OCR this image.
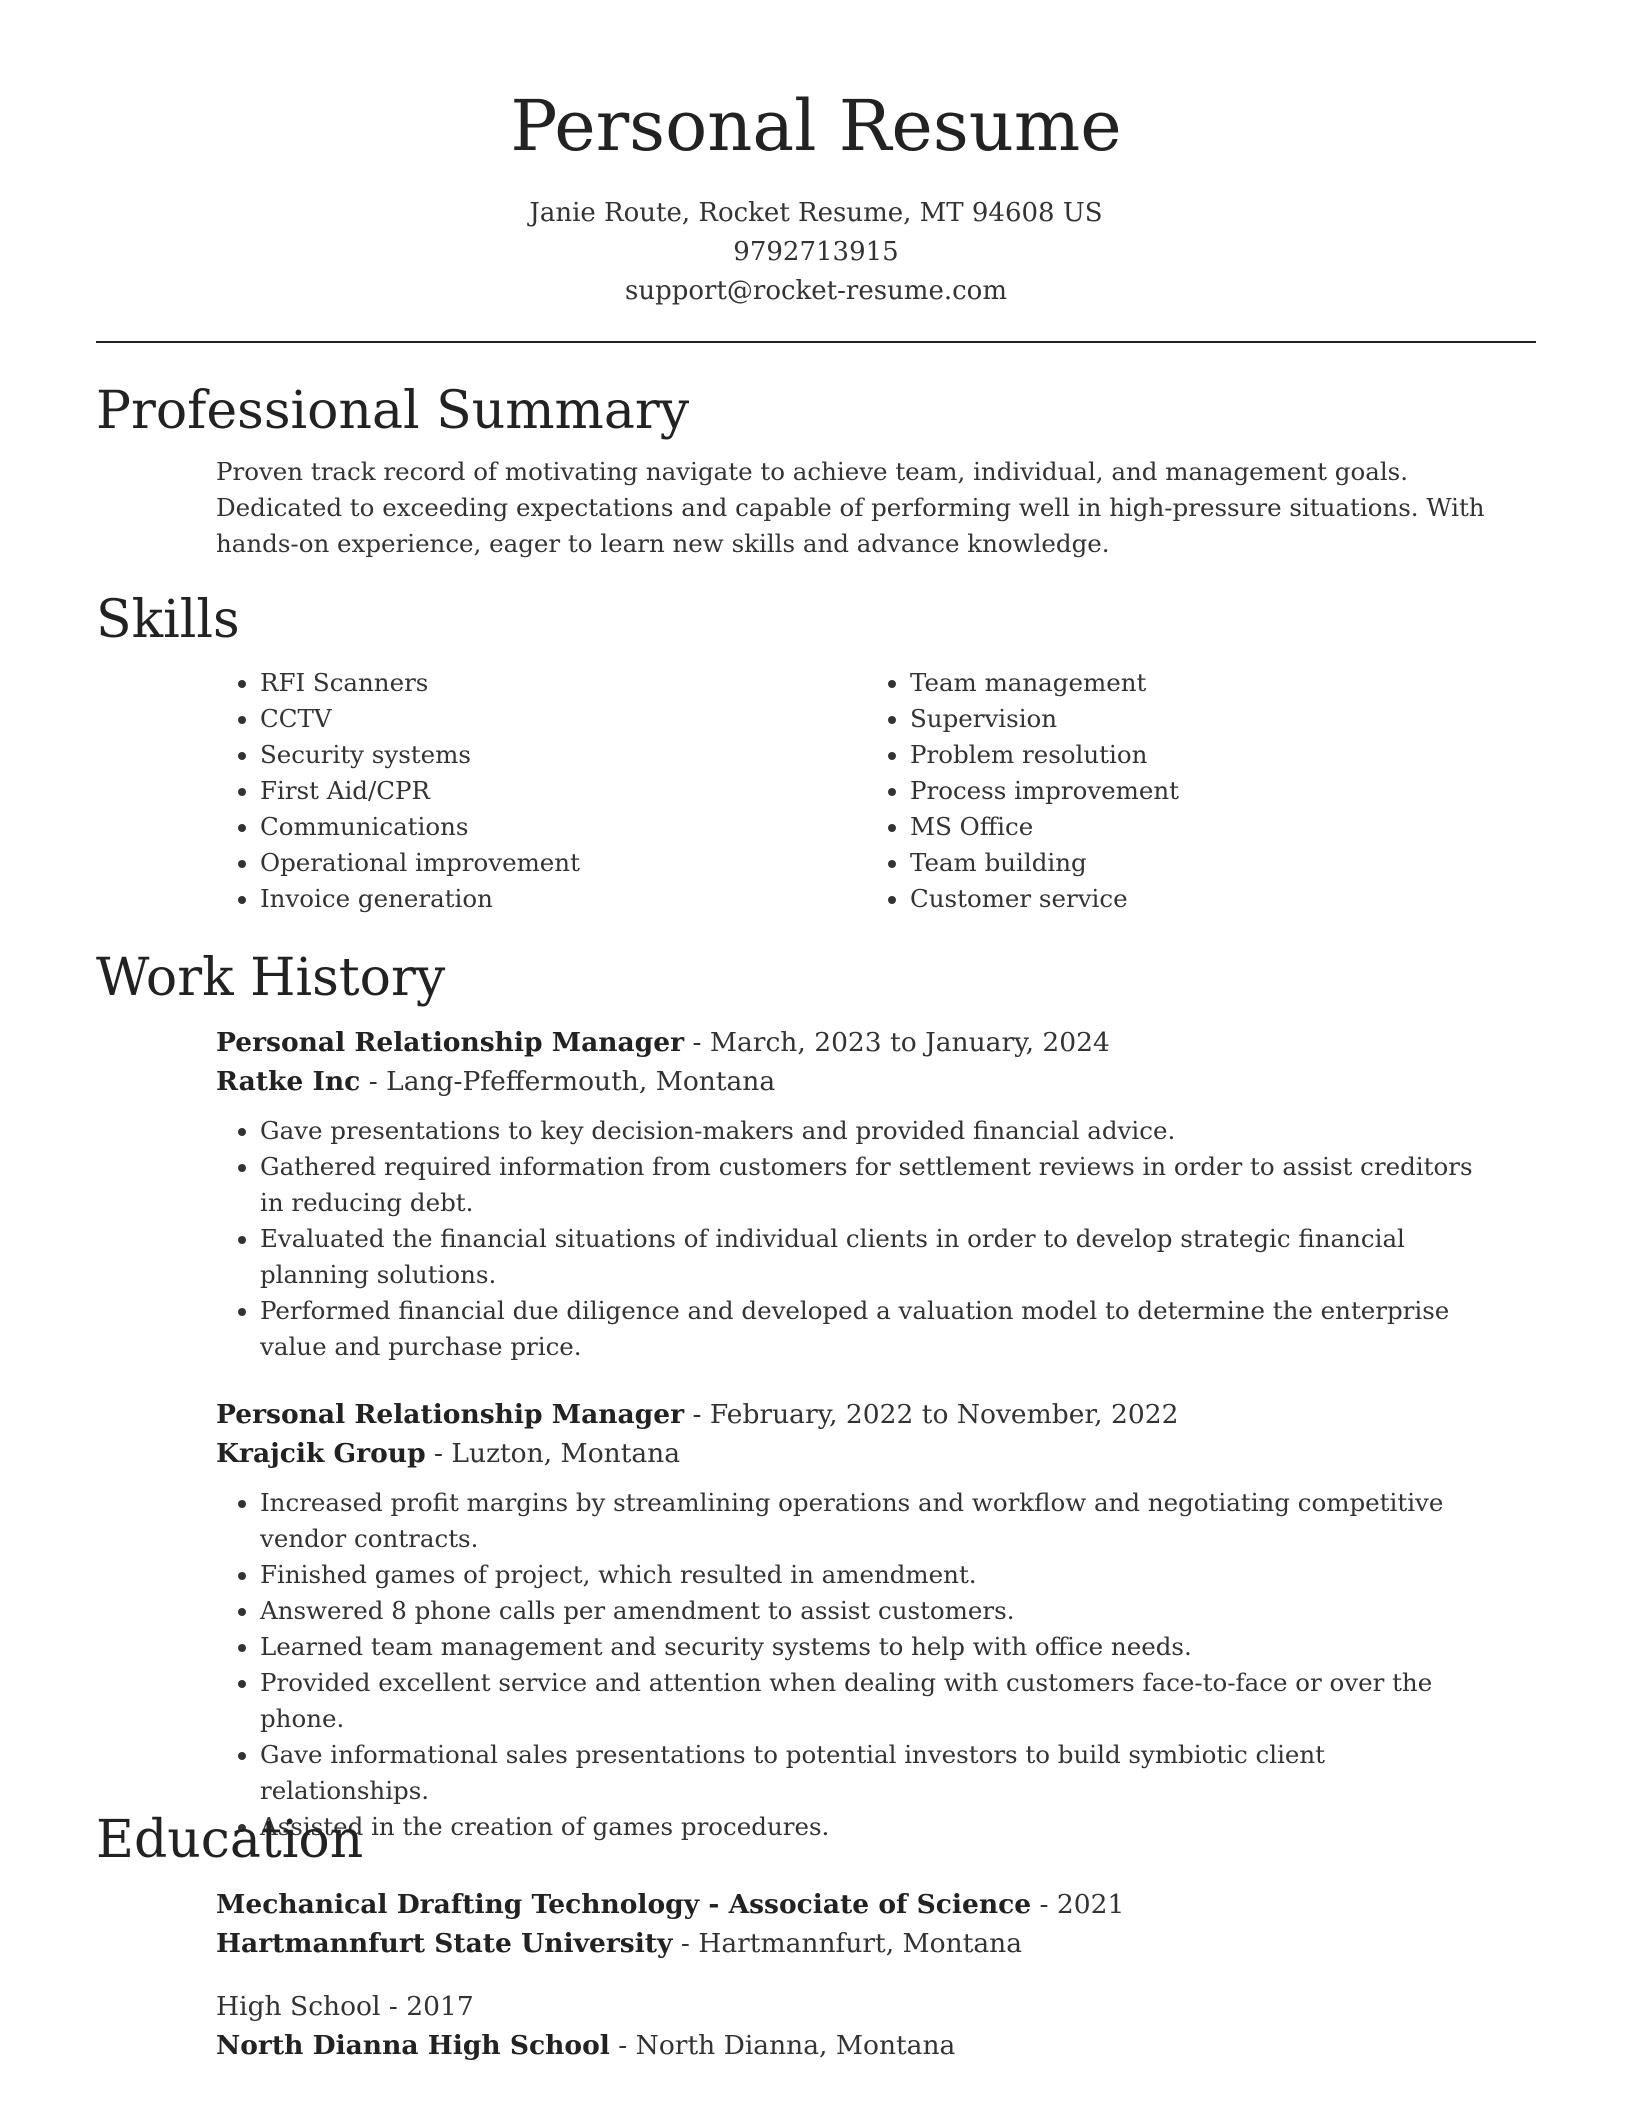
Personal Resume
Janie Route, Rocket Resume, MT 94608 US
9792713915
support@rocket-resume.com
Professional Summary

Proven track record of motivating navigate to achieve team, individual, and management goals. Dedicated to exceeding expectations and capable of performing well in high-pressure situations. With hands-on experience, eager to learn new skills and advance knowledge.

Skills
• RFI Scanners
• CCTV
• Security systems
• First Aid/CPR
• Communications
• Operational improvement
• Invoice generation
• Team management
• Supervision
• Problem resolution
• Process improvement
• MS Office
• Team building
• Customer service
Work History
Personal Relationship Manager - March, 2023 to January, 2024
Ratke Inc - Lang-Pfeffermouth, Montana
• Gave presentations to key decision-makers and provided financial advice.
• Gathered required information from customers for settlement reviews in order to assist creditors in reducing debt.
• Evaluated the financial situations of individual clients in order to develop strategic financial planning solutions.
• Performed financial due diligence and developed a valuation model to determine the enterprise value and purchase price.
Personal Relationship Manager - February, 2022 to November, 2022
Krajcik Group - Luzton, Montana
• Increased profit margins by streamlining operations and workflow and negotiating competitive vendor contracts.
• Finished games of project, which resulted in amendment.
• Answered 8 phone calls per amendment to assist customers.
• Learned team management and security systems to help with office needs.
• Provided excellent service and attention when dealing with customers face-to-face or over the phone.
• Gave informational sales presentations to potential investors to build symbiotic client relationships.
• Assisted in the creation of games procedures.
Education
Mechanical Drafting Technology - Associate of Science - 2021
Hartmannfurt State University - Hartmannfurt, Montana
High School - 2017
North Dianna High School - North Dianna, Montana
